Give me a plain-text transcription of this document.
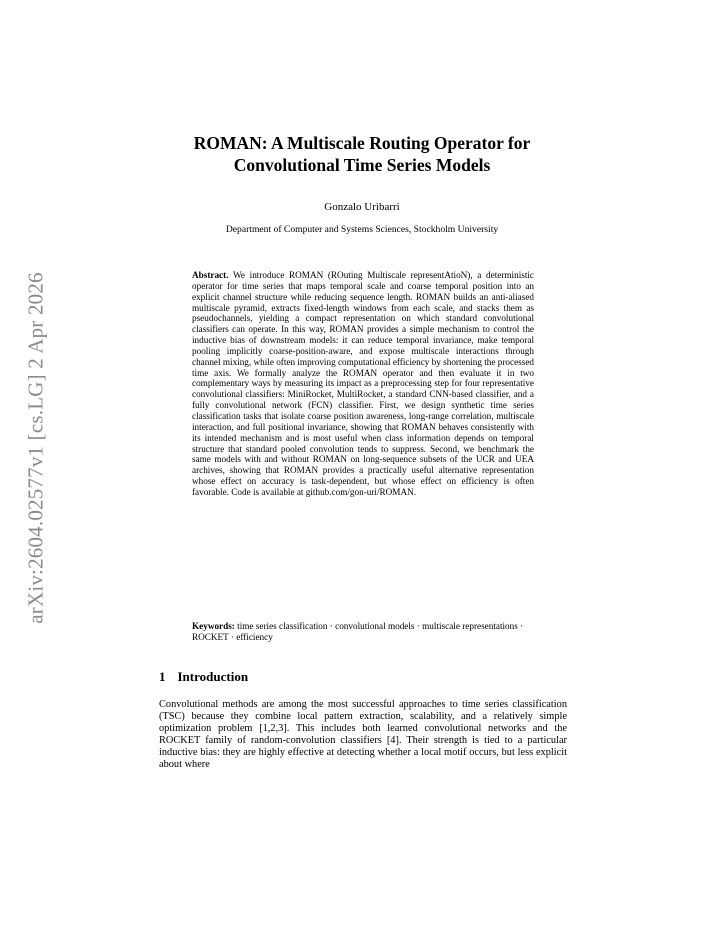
arXiv:2604.02577v1 [cs.LG] 2 Apr 2026
ROMAN: A Multiscale Routing Operator for Convolutional Time Series Models
Gonzalo Uribarri
Department of Computer and Systems Sciences, Stockholm University
Abstract. We introduce ROMAN (ROuting Multiscale representAtioN), a deterministic operator for time series that maps temporal scale and coarse temporal position into an explicit channel structure while reducing sequence length. ROMAN builds an anti-aliased multiscale pyramid, extracts fixed-length windows from each scale, and stacks them as pseudochannels, yielding a compact representation on which standard convolutional classifiers can operate. In this way, ROMAN provides a simple mechanism to control the inductive bias of downstream models: it can reduce temporal invariance, make temporal pooling implicitly coarse-position-aware, and expose multiscale interactions through channel mixing, while often improving computational efficiency by shortening the processed time axis. We formally analyze the ROMAN operator and then evaluate it in two complementary ways by measuring its impact as a preprocessing step for four representative convolutional classifiers: MiniRocket, MultiRocket, a standard CNN-based classifier, and a fully convolutional network (FCN) classifier. First, we design synthetic time series classification tasks that isolate coarse position awareness, long-range correlation, multiscale interaction, and full positional invariance, showing that ROMAN behaves consistently with its intended mechanism and is most useful when class information depends on temporal structure that standard pooled convolution tends to suppress. Second, we benchmark the same models with and without ROMAN on long-sequence subsets of the UCR and UEA archives, showing that ROMAN provides a practically useful alternative representation whose effect on accuracy is task-dependent, but whose effect on efficiency is often favorable. Code is available at github.com/gon-uri/ROMAN.
Keywords: time series classification · convolutional models · multiscale representations · ROCKET · efficiency
1 Introduction
Convolutional methods are among the most successful approaches to time series classification (TSC) because they combine local pattern extraction, scalability, and a relatively simple optimization problem [1,2,3]. This includes both learned convolutional networks and the ROCKET family of random-convolution classifiers [4]. Their strength is tied to a particular inductive bias: they are highly effective at detecting whether a local motif occurs, but less explicit about where
